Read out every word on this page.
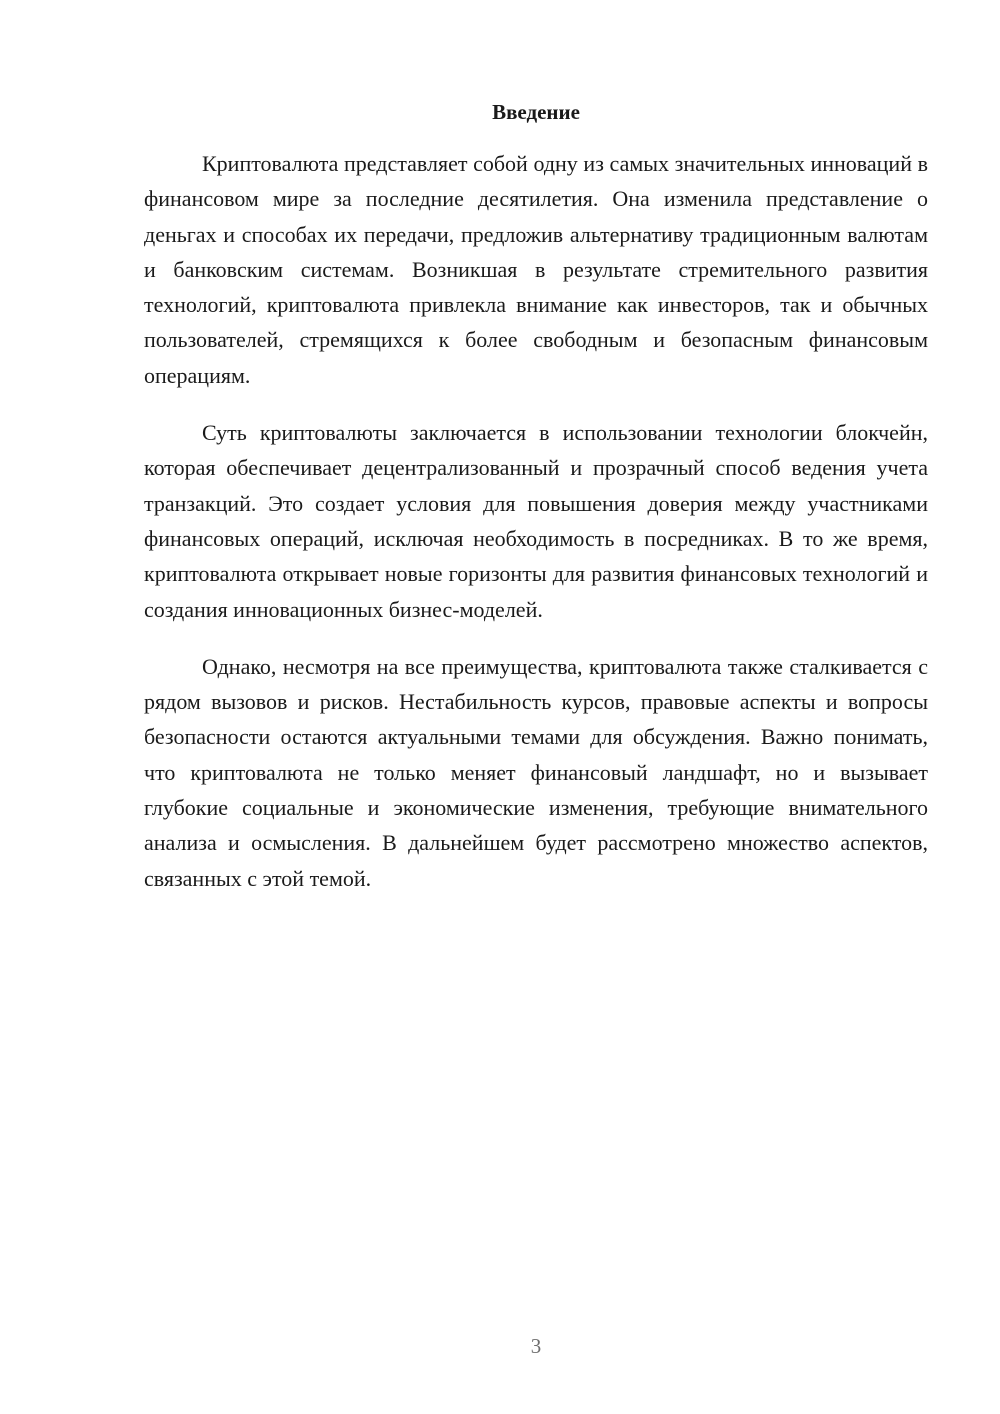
Введение

Криптовалюта представляет собой одну из самых значительных инноваций в финансовом мире за последние десятилетия. Она изменила представление о деньгах и способах их передачи, предложив альтернативу традиционным валютам и банковским системам. Возникшая в результате стремительного развития технологий, криптовалюта привлекла внимание как инвесторов, так и обычных пользователей, стремящихся к более свободным и безопасным финансовым операциям.

Суть криптовалюты заключается в использовании технологии блокчейн, которая обеспечивает децентрализованный и прозрачный способ ведения учета транзакций. Это создает условия для повышения доверия между участниками финансовых операций, исключая необходимость в посредниках. В то же время, криптовалюта открывает новые горизонты для развития финансовых технологий и создания инновационных бизнес-моделей.

Однако, несмотря на все преимущества, криптовалюта также сталкивается с рядом вызовов и рисков. Нестабильность курсов, правовые аспекты и вопросы безопасности остаются актуальными темами для обсуждения. Важно понимать, что криптовалюта не только меняет финансовый ландшафт, но и вызывает глубокие социальные и экономические изменения, требующие внимательного анализа и осмысления. В дальнейшем будет рассмотрено множество аспектов, связанных с этой темой.

3
